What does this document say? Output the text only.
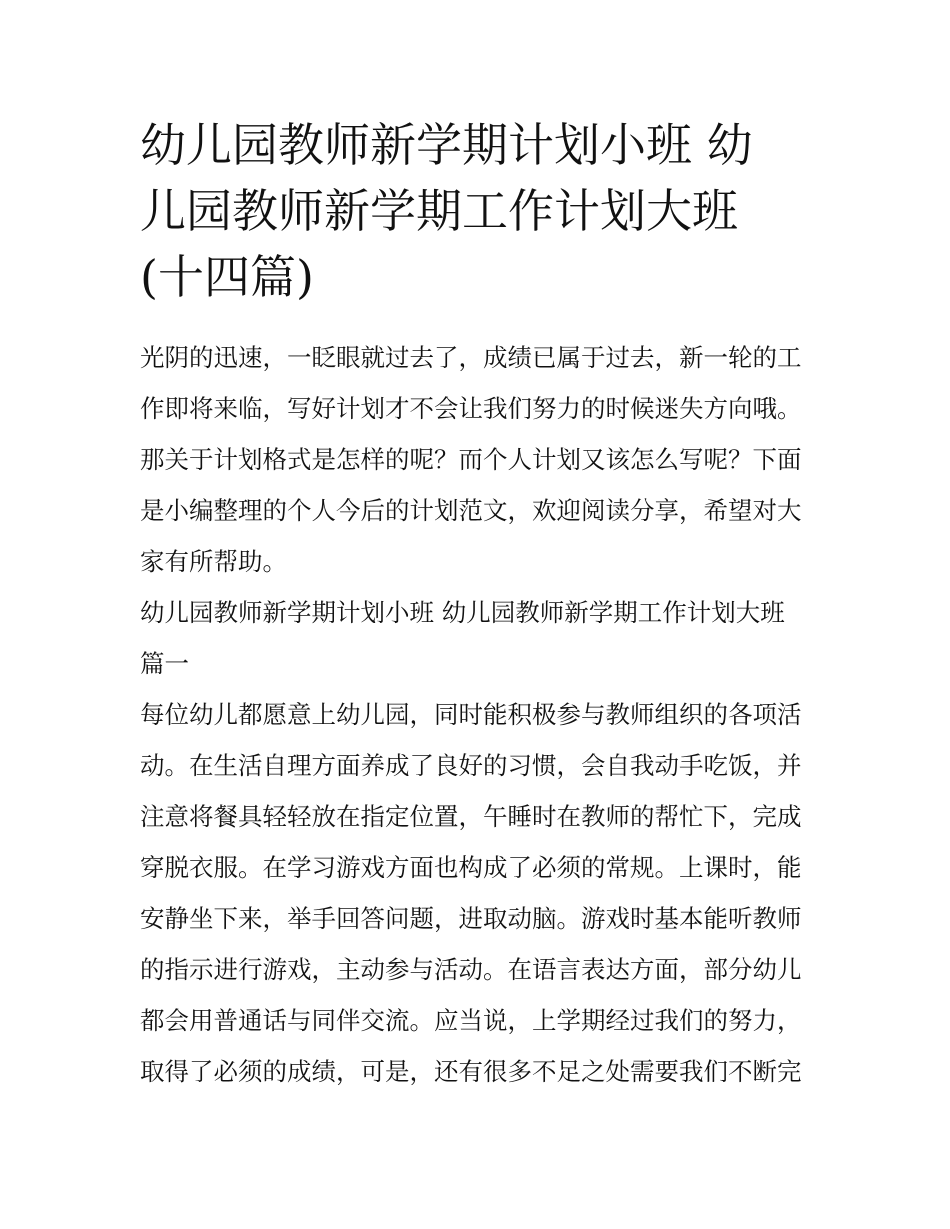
幼儿园教师新学期计划小班 幼
儿园教师新学期工作计划大班
(十四篇)
光阴的迅速，一眨眼就过去了，成绩已属于过去，新一轮的工
作即将来临，写好计划才不会让我们努力的时候迷失方向哦。
那关于计划格式是怎样的呢？而个人计划又该怎么写呢？下面
是小编整理的个人今后的计划范文，欢迎阅读分享，希望对大
家有所帮助。
幼儿园教师新学期计划小班 幼儿园教师新学期工作计划大班
篇一
每位幼儿都愿意上幼儿园，同时能积极参与教师组织的各项活
动。在生活自理方面养成了良好的习惯，会自我动手吃饭，并
注意将餐具轻轻放在指定位置，午睡时在教师的帮忙下，完成
穿脱衣服。在学习游戏方面也构成了必须的常规。上课时，能
安静坐下来，举手回答问题，进取动脑。游戏时基本能听教师
的指示进行游戏，主动参与活动。在语言表达方面，部分幼儿
都会用普通话与同伴交流。应当说，上学期经过我们的努力，
取得了必须的成绩，可是，还有很多不足之处需要我们不断完
